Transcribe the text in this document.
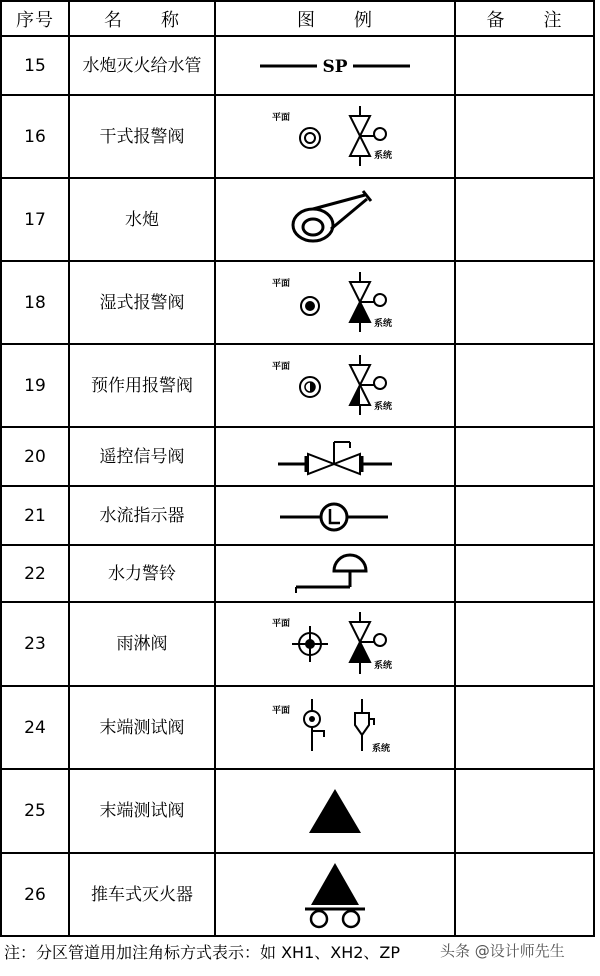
序号	名　　称	图　　例	备　　注
15	水炮灭火给水管	SP	

16	干式报警阀	平面
系统	

17	水炮	

18	湿式报警阀	平面
系统	

19	预作用报警阀	平面
系统	

20	遥控信号阀	

21	水流指示器	

22	水力警铃	

23	雨淋阀	平面
系统	

24	末端测试阀	平面
系统	

25	末端测试阀	

26	推车式灭火器	

注：分区管道用加注角标方式表示：如 XH1、XH2、ZP	头条 @设计师先生
